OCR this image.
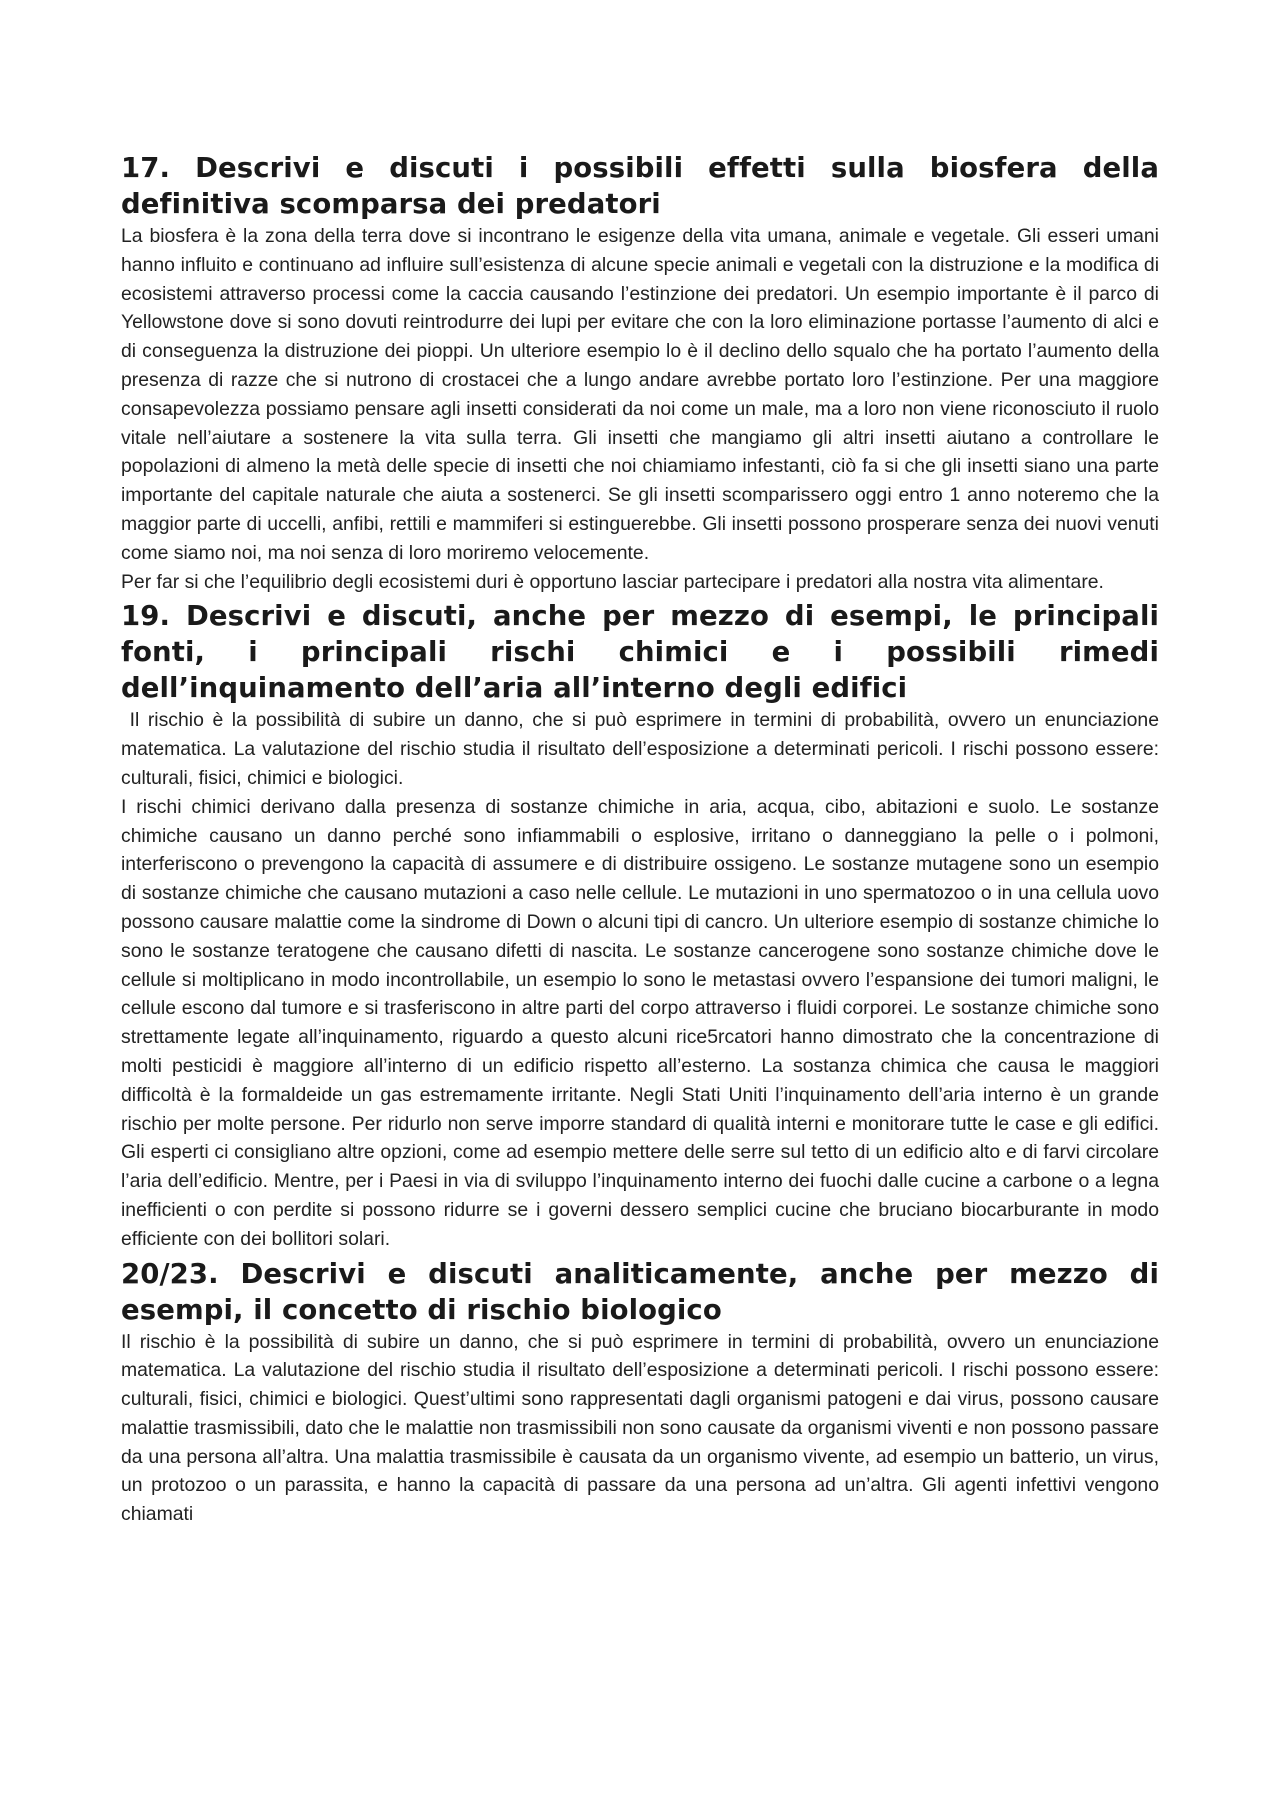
17. Descrivi e discuti i possibili effetti sulla biosfera della definitiva scomparsa dei predatori

La biosfera è la zona della terra dove si incontrano le esigenze della vita umana, animale e vegetale. Gli esseri umani hanno influito e continuano ad influire sull’esistenza di alcune specie animali e vegetali con la distruzione e la modifica di ecosistemi attraverso processi come la caccia causando l’estinzione dei predatori. Un esempio importante è il parco di Yellowstone dove si sono dovuti reintrodurre dei lupi per evitare che con la loro eliminazione portasse l’aumento di alci e di conseguenza la distruzione dei pioppi. Un ulteriore esempio lo è il declino dello squalo che ha portato l’aumento della presenza di razze che si nutrono di crostacei che a lungo andare avrebbe portato loro l’estinzione. Per una maggiore consapevolezza possiamo pensare agli insetti considerati da noi come un male, ma a loro non viene riconosciuto il ruolo vitale nell’aiutare a sostenere la vita sulla terra. Gli insetti che mangiamo gli altri insetti aiutano a controllare le popolazioni di almeno la metà delle specie di insetti che noi chiamiamo infestanti, ciò fa si che gli insetti siano una parte importante del capitale naturale che aiuta a sostenerci. Se gli insetti scomparissero oggi entro 1 anno noteremo che la maggior parte di uccelli, anfibi, rettili e mammiferi si estinguerebbe. Gli insetti possono prosperare senza dei nuovi venuti come siamo noi, ma noi senza di loro moriremo velocemente.

Per far si che l’equilibrio degli ecosistemi duri è opportuno lasciar partecipare i predatori alla nostra vita alimentare.

19. Descrivi e discuti, anche per mezzo di esempi, le principali fonti, i principali rischi chimici e i possibili rimedi dell’inquinamento dell’aria all’interno degli edifici

Il rischio è la possibilità di subire un danno, che si può esprimere in termini di probabilità, ovvero un enunciazione matematica. La valutazione del rischio studia il risultato dell’esposizione a determinati pericoli. I rischi possono essere: culturali, fisici, chimici e biologici.

I rischi chimici derivano dalla presenza di sostanze chimiche in aria, acqua, cibo, abitazioni e suolo. Le sostanze chimiche causano un danno perché sono infiammabili o esplosive, irritano o danneggiano la pelle o i polmoni, interferiscono o prevengono la capacità di assumere e di distribuire ossigeno. Le sostanze mutagene sono un esempio di sostanze chimiche che causano mutazioni a caso nelle cellule. Le mutazioni in uno spermatozoo o in una cellula uovo possono causare malattie come la sindrome di Down o alcuni tipi di cancro. Un ulteriore esempio di sostanze chimiche lo sono le sostanze teratogene che causano difetti di nascita. Le sostanze cancerogene sono sostanze chimiche dove le cellule si moltiplicano in modo incontrollabile, un esempio lo sono le metastasi ovvero l’espansione dei tumori maligni, le cellule escono dal tumore e si trasferiscono in altre parti del corpo attraverso i fluidi corporei. Le sostanze chimiche sono strettamente legate all’inquinamento, riguardo a questo alcuni rice5rcatori hanno dimostrato che la concentrazione di molti pesticidi è maggiore all’interno di un edificio rispetto all’esterno. La sostanza chimica che causa le maggiori difficoltà è la formaldeide un gas estremamente irritante. Negli Stati Uniti l’inquinamento dell’aria interno è un grande rischio per molte persone. Per ridurlo non serve imporre standard di qualità interni e monitorare tutte le case e gli edifici. Gli esperti ci consigliano altre opzioni, come ad esempio mettere delle serre sul tetto di un edificio alto e di farvi circolare l’aria dell’edificio. Mentre, per i Paesi in via di sviluppo l’inquinamento interno dei fuochi dalle cucine a carbone o a legna inefficienti o con perdite si possono ridurre se i governi dessero semplici cucine che bruciano biocarburante in modo efficiente con dei bollitori solari.

20/23. Descrivi e discuti analiticamente, anche per mezzo di esempi, il concetto di rischio biologico

Il rischio è la possibilità di subire un danno, che si può esprimere in termini di probabilità, ovvero un enunciazione matematica. La valutazione del rischio studia il risultato dell’esposizione a determinati pericoli. I rischi possono essere: culturali, fisici, chimici e biologici. Quest’ultimi sono rappresentati dagli organismi patogeni e dai virus, possono causare malattie trasmissibili, dato che le malattie non trasmissibili non sono causate da organismi viventi e non possono passare da una persona all’altra. Una malattia trasmissibile è causata da un organismo vivente, ad esempio un batterio, un virus, un protozoo o un parassita, e hanno la capacità di passare da una persona ad un’altra. Gli agenti infettivi vengono chiamati
